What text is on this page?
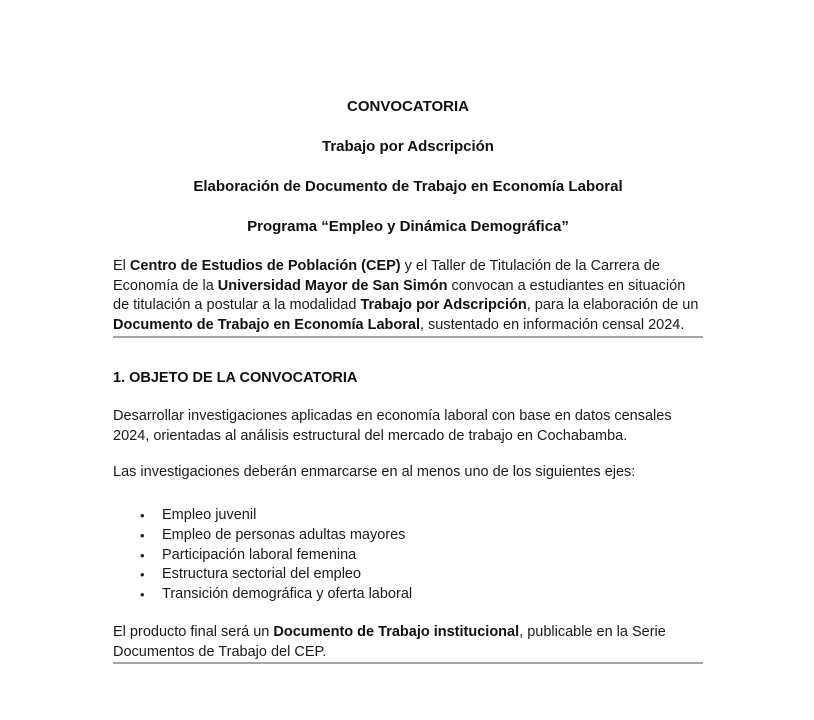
CONVOCATORIA
Trabajo por Adscripción
Elaboración de Documento de Trabajo en Economía Laboral
Programa “Empleo y Dinámica Demográfica”

El Centro de Estudios de Población (CEP) y el Taller de Titulación de la Carrera de Economía de la Universidad Mayor de San Simón convocan a estudiantes en situación de titulación a postular a la modalidad Trabajo por Adscripción, para la elaboración de un Documento de Trabajo en Economía Laboral, sustentado en información censal 2024.

1. OBJETO DE LA CONVOCATORIA

Desarrollar investigaciones aplicadas en economía laboral con base en datos censales 2024, orientadas al análisis estructural del mercado de trabajo en Cochabamba.

Las investigaciones deberán enmarcarse en al menos uno de los siguientes ejes:

• Empleo juvenil
• Empleo de personas adultas mayores
• Participación laboral femenina
• Estructura sectorial del empleo
• Transición demográfica y oferta laboral

El producto final será un Documento de Trabajo institucional, publicable en la Serie Documentos de Trabajo del CEP.
